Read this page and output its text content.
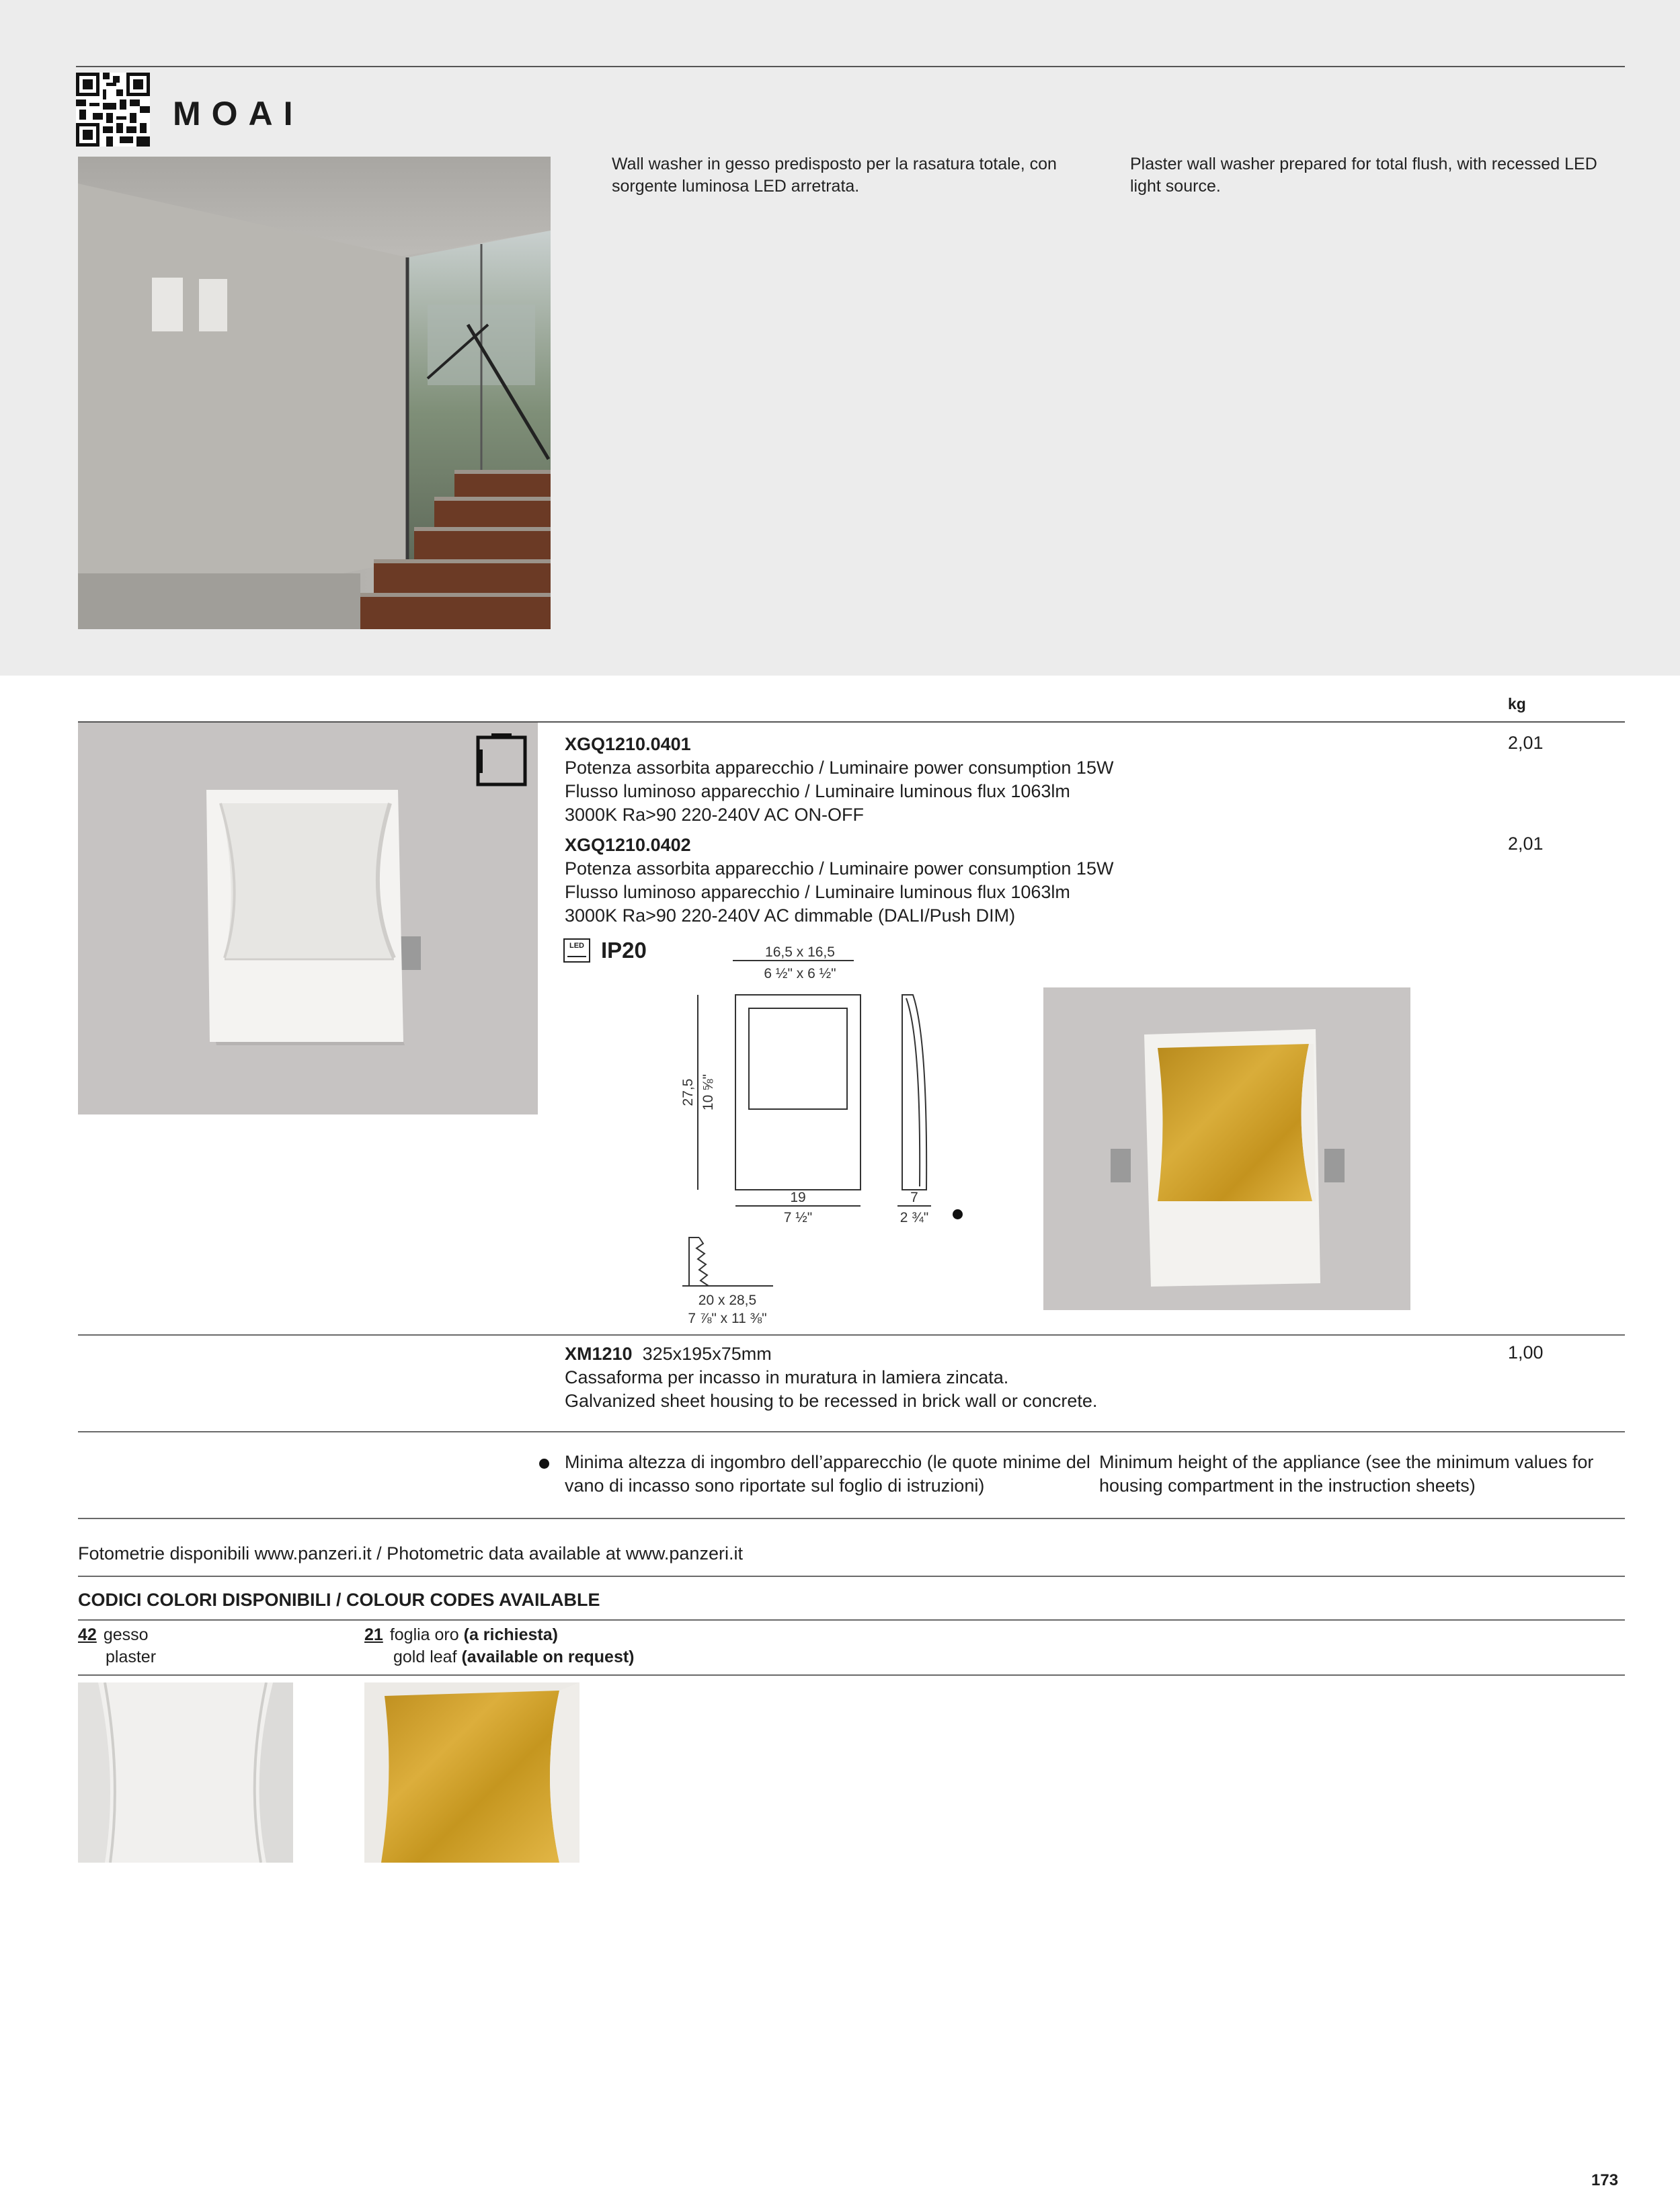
MOAI
Wall washer in gesso predisposto per la rasatura totale, con sorgente luminosa LED arretrata.
Plaster wall washer prepared for total flush, with recessed LED light source.
kg
XGQ1210.0401
Potenza assorbita apparecchio / Luminaire power consumption 15W
Flusso luminoso apparecchio / Luminaire luminous flux 1063lm
3000K Ra>90 220-240V AC ON-OFF
2,01
XGQ1210.0402
Potenza assorbita apparecchio / Luminaire power consumption 15W
Flusso luminoso apparecchio / Luminaire luminous flux 1063lm
3000K Ra>90 220-240V AC dimmable (DALI/Push DIM)
2,01
LED IP20	16,5 x 16,5
6 ½" x 6 ½"
19
7 ½"
7
2 ¾"
20 x 28,5
7 ⅞" x 11 ⅜"
27,5 10 ⅝"
XM1210 325x195x75mm
Cassaforma per incasso in muratura in lamiera zincata.
Galvanized sheet housing to be recessed in brick wall or concrete.
1,00
Minima altezza di ingombro dell’apparecchio (le quote minime del vano di incasso sono riportate sul foglio di istruzioni)
Minimum height of the appliance (see the minimum values for housing compartment in the instruction sheets)
Fotometrie disponibili www.panzeri.it / Photometric data available at www.panzeri.it
CODICI COLORI DISPONIBILI / COLOUR CODES AVAILABLE
42 gesso
plaster
21 foglia oro (a richiesta)
gold leaf (available on request)
173
